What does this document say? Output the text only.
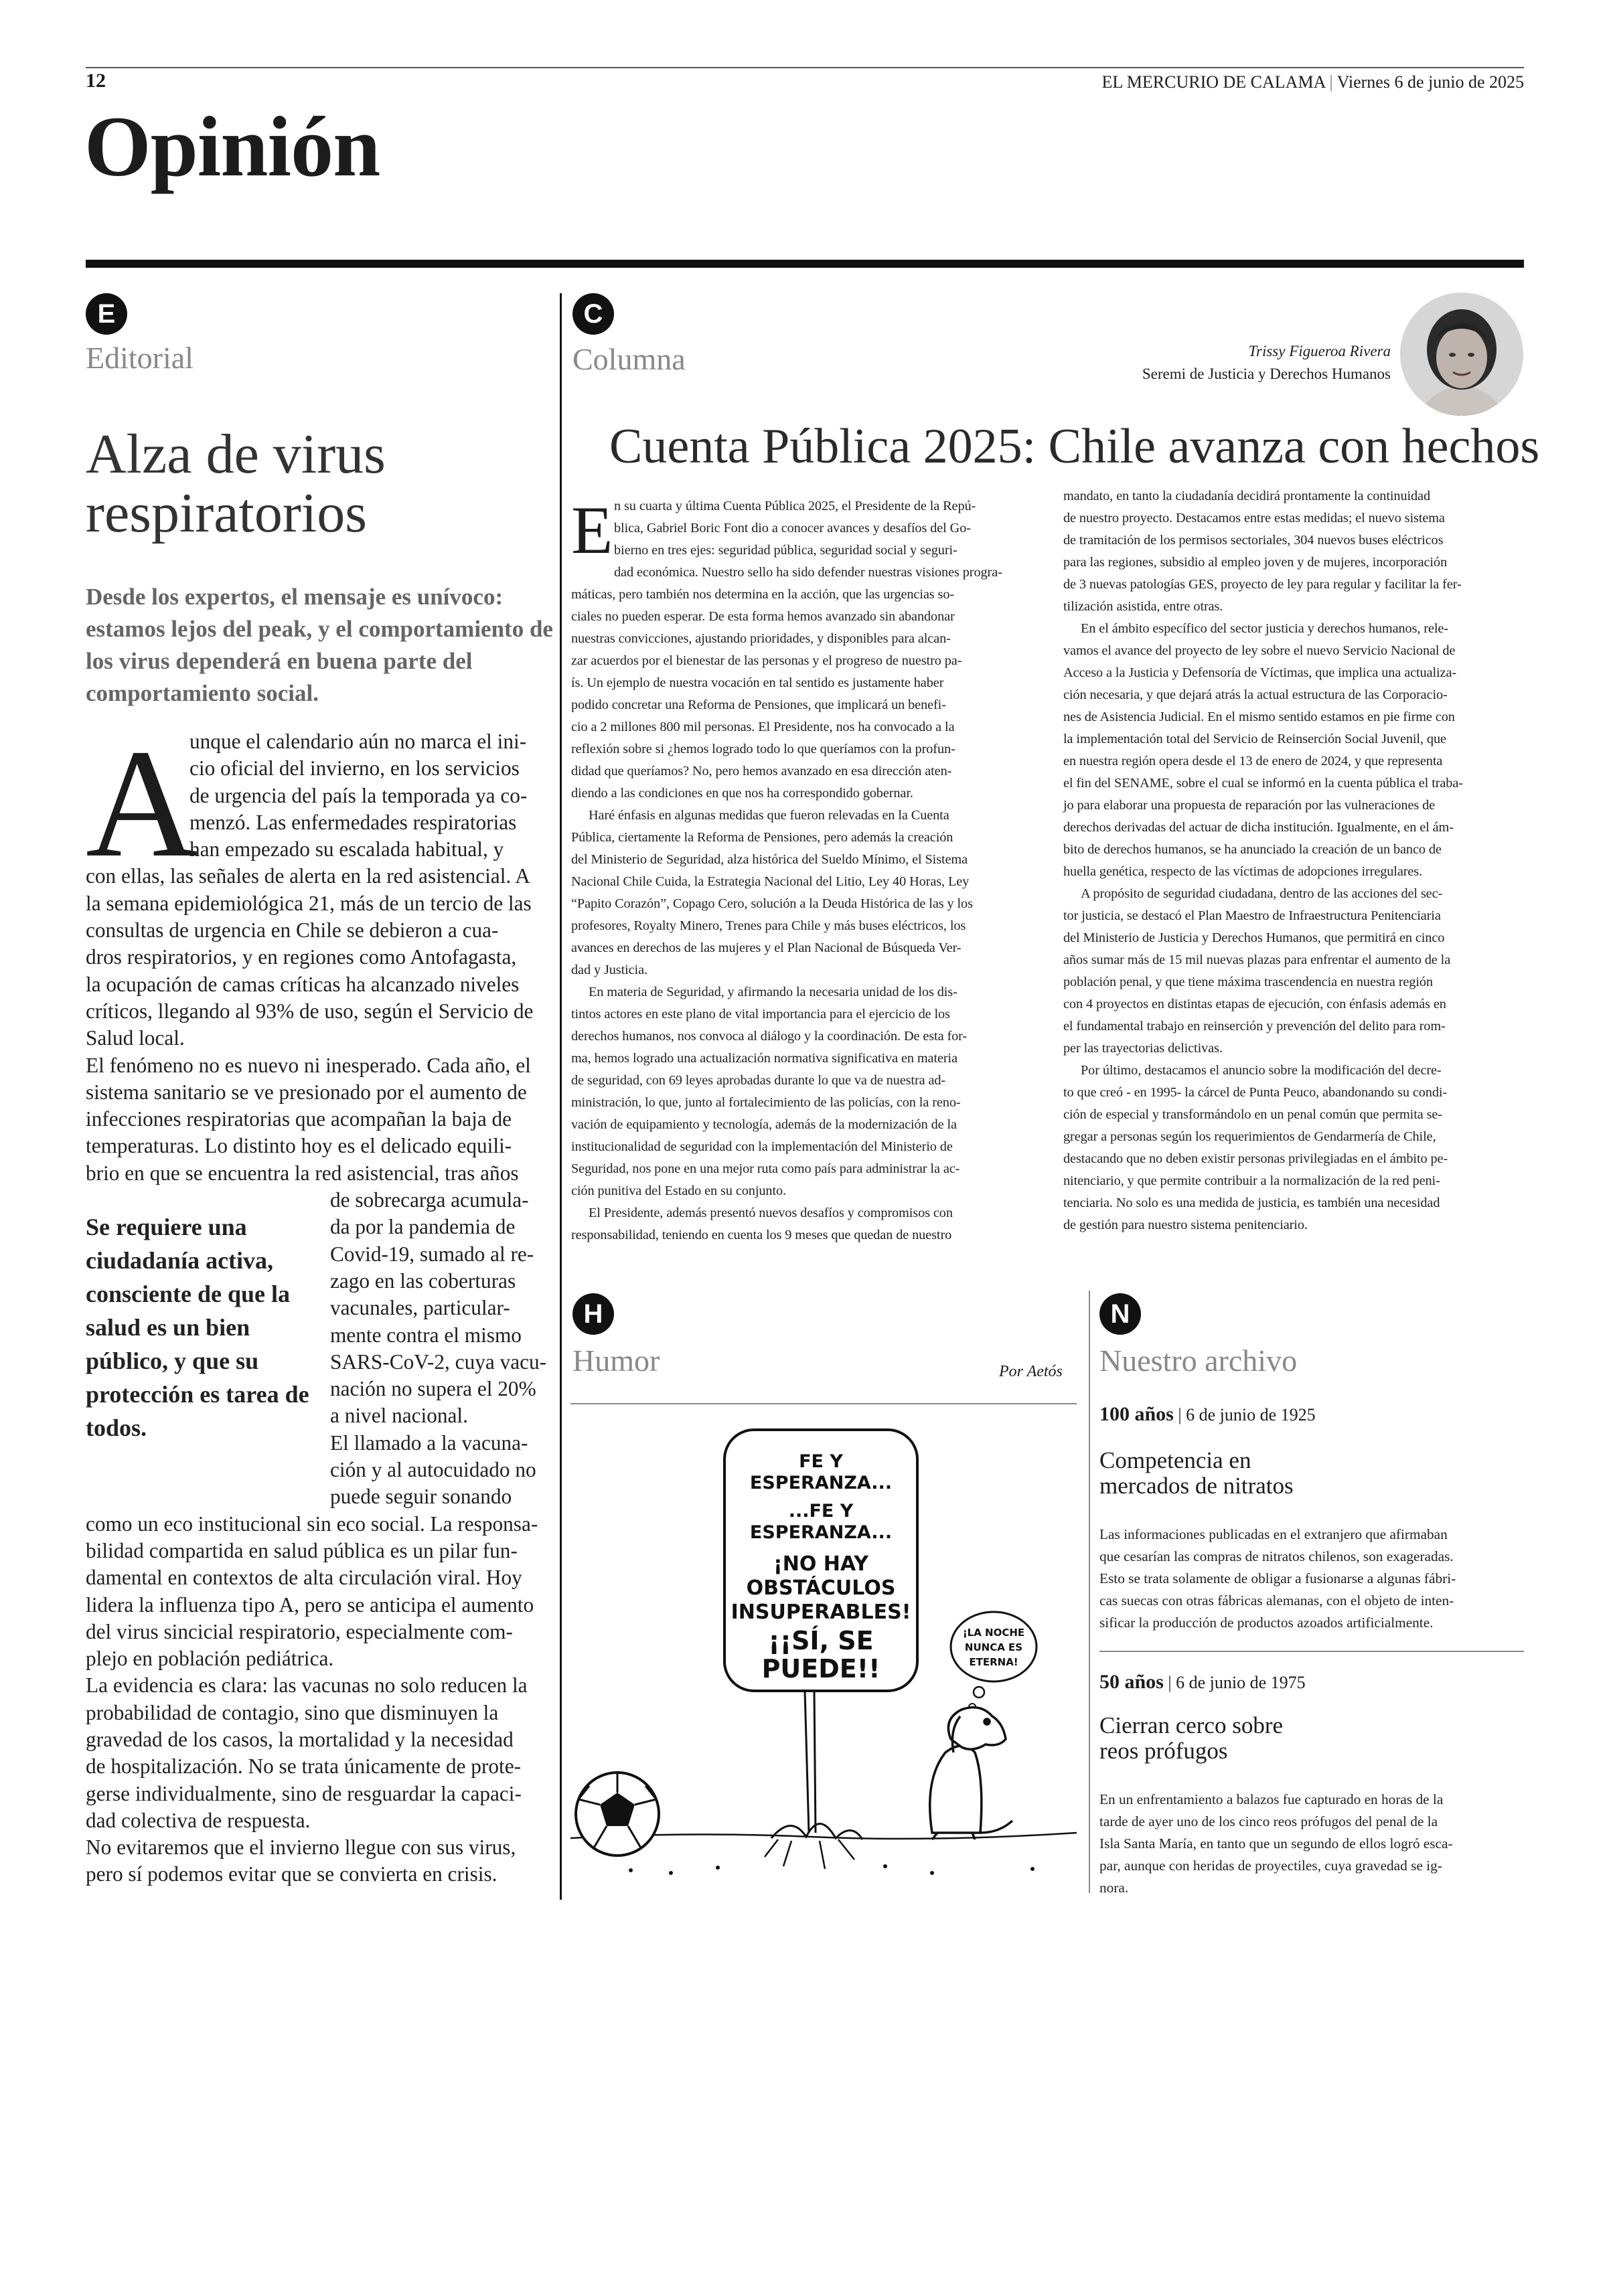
12	EL MERCURIO DE CALAMA | Viernes 6 de junio de 2025
Opinión
E
Editorial
Alza de virus
respiratorios
Desde los expertos, el mensaje es unívoco: estamos lejos del peak, y el comportamiento de los virus dependerá en buena parte del comportamiento social.
A
Se requiere una ciudadanía activa, consciente de que la salud es un bien público, y que su protección es tarea de todos.

unque el calendario aún no marca el ini-

cio oficial del invierno, en los servicios

de urgencia del país la temporada ya co-

menzó. Las enfermedades respiratorias

han empezado su escalada habitual, y

con ellas, las señales de alerta en la red asistencial. A

la semana epidemiológica 21, más de un tercio de las

consultas de urgencia en Chile se debieron a cua-

dros respiratorios, y en regiones como Antofagasta,

la ocupación de camas críticas ha alcanzado niveles

críticos, llegando al 93% de uso, según el Servicio de

Salud local.

El fenómeno no es nuevo ni inesperado. Cada año, el

sistema sanitario se ve presionado por el aumento de

infecciones respiratorias que acompañan la baja de

temperaturas. Lo distinto hoy es el delicado equili-

brio en que se encuentra la red asistencial, tras años

de sobrecarga acumula-

da por la pandemia de

Covid-19, sumado al re-

zago en las coberturas

vacunales, particular-

mente contra el mismo

SARS-CoV-2, cuya vacu-

nación no supera el 20%

a nivel nacional.

El llamado a la vacuna-

ción y al autocuidado no

puede seguir sonando

como un eco institucional sin eco social. La responsa-

bilidad compartida en salud pública es un pilar fun-

damental en contextos de alta circulación viral. Hoy

lidera la influenza tipo A, pero se anticipa el aumento

del virus sincicial respiratorio, especialmente com-

plejo en población pediátrica.

La evidencia es clara: las vacunas no solo reducen la

probabilidad de contagio, sino que disminuyen la

gravedad de los casos, la mortalidad y la necesidad

de hospitalización. No se trata únicamente de prote-

gerse individualmente, sino de resguardar la capaci-

dad colectiva de respuesta.

No evitaremos que el invierno llegue con sus virus,

pero sí podemos evitar que se convierta en crisis.

C
Columna	Trissy Figueroa Rivera
Seremi de Justicia y Derechos Humanos
Cuenta Pública 2025: Chile avanza con hechos
E n su cuarta y última Cuenta Pública 2025, el Presidente de la Repú-

blica, Gabriel Boric Font dio a conocer avances y desafíos del Go-

bierno en tres ejes: seguridad pública, seguridad social y seguri-

dad económica. Nuestro sello ha sido defender nuestras visiones progra-

máticas, pero también nos determina en la acción, que las urgencias so-

ciales no pueden esperar. De esta forma hemos avanzado sin abandonar

nuestras convicciones, ajustando prioridades, y disponibles para alcan-

zar acuerdos por el bienestar de las personas y el progreso de nuestro pa-

ís. Un ejemplo de nuestra vocación en tal sentido es justamente haber

podido concretar una Reforma de Pensiones, que implicará un benefi-

cio a 2 millones 800 mil personas. El Presidente, nos ha convocado a la

reflexión sobre si ¿hemos logrado todo lo que queríamos con la profun-

didad que queríamos? No, pero hemos avanzado en esa dirección aten-

diendo a las condiciones en que nos ha correspondido gobernar.

Haré énfasis en algunas medidas que fueron relevadas en la Cuenta

Pública, ciertamente la Reforma de Pensiones, pero además la creación

del Ministerio de Seguridad, alza histórica del Sueldo Mínimo, el Sistema

Nacional Chile Cuida, la Estrategia Nacional del Litio, Ley 40 Horas, Ley

“Papito Corazón”, Copago Cero, solución a la Deuda Histórica de las y los

profesores, Royalty Minero, Trenes para Chile y más buses eléctricos, los

avances en derechos de las mujeres y el Plan Nacional de Búsqueda Ver-

dad y Justicia.

En materia de Seguridad, y afirmando la necesaria unidad de los dis-

tintos actores en este plano de vital importancia para el ejercicio de los

derechos humanos, nos convoca al diálogo y la coordinación. De esta for-

ma, hemos logrado una actualización normativa significativa en materia

de seguridad, con 69 leyes aprobadas durante lo que va de nuestra ad-

ministración, lo que, junto al fortalecimiento de las policías, con la reno-

vación de equipamiento y tecnología, además de la modernización de la

institucionalidad de seguridad con la implementación del Ministerio de

Seguridad, nos pone en una mejor ruta como país para administrar la ac-

ción punitiva del Estado en su conjunto.

El Presidente, además presentó nuevos desafíos y compromisos con

responsabilidad, teniendo en cuenta los 9 meses que quedan de nuestro

mandato, en tanto la ciudadanía decidirá prontamente la continuidad

de nuestro proyecto. Destacamos entre estas medidas; el nuevo sistema

de tramitación de los permisos sectoriales, 304 nuevos buses eléctricos

para las regiones, subsidio al empleo joven y de mujeres, incorporación

de 3 nuevas patologías GES, proyecto de ley para regular y facilitar la fer-

tilización asistida, entre otras.

En el ámbito específico del sector justicia y derechos humanos, rele-

vamos el avance del proyecto de ley sobre el nuevo Servicio Nacional de

Acceso a la Justicia y Defensoría de Víctimas, que implica una actualiza-

ción necesaria, y que dejará atrás la actual estructura de las Corporacio-

nes de Asistencia Judicial. En el mismo sentido estamos en pie firme con

la implementación total del Servicio de Reinserción Social Juvenil, que

en nuestra región opera desde el 13 de enero de 2024, y que representa

el fin del SENAME, sobre el cual se informó en la cuenta pública el traba-

jo para elaborar una propuesta de reparación por las vulneraciones de

derechos derivadas del actuar de dicha institución. Igualmente, en el ám-

bito de derechos humanos, se ha anunciado la creación de un banco de

huella genética, respecto de las víctimas de adopciones irregulares.

A propósito de seguridad ciudadana, dentro de las acciones del sec-

tor justicia, se destacó el Plan Maestro de Infraestructura Penitenciaria

del Ministerio de Justicia y Derechos Humanos, que permitirá en cinco

años sumar más de 15 mil nuevas plazas para enfrentar el aumento de la

población penal, y que tiene máxima trascendencia en nuestra región

con 4 proyectos en distintas etapas de ejecución, con énfasis además en

el fundamental trabajo en reinserción y prevención del delito para rom-

per las trayectorias delictivas.

Por último, destacamos el anuncio sobre la modificación del decre-

to que creó - en 1995- la cárcel de Punta Peuco, abandonando su condi-

ción de especial y transformándolo en un penal común que permita se-

gregar a personas según los requerimientos de Gendarmería de Chile,

destacando que no deben existir personas privilegiadas en el ámbito pe-

nitenciario, y que permite contribuir a la normalización de la red peni-

tenciaria. No solo es una medida de justicia, es también una necesidad

de gestión para nuestro sistema penitenciario.

H
Humor	Por Aetós
FE Y
ESPERANZA...
...FE Y
ESPERANZA...
¡NO HAY
OBSTÁCULOS
INSUPERABLES!
¡¡SÍ, SE
PUEDE!!
¡LA NOCHE
NUNCA ES
ETERNA!
N
Nuestro archivo
100 años | 6 de junio de 1925
Competencia en
mercados de nitratos

Las informaciones publicadas en el extranjero que afirmaban

que cesarían las compras de nitratos chilenos, son exageradas.

Esto se trata solamente de obligar a fusionarse a algunas fábri-

cas suecas con otras fábricas alemanas, con el objeto de inten-

sificar la producción de productos azoados artificialmente.

50 años | 6 de junio de 1975
Cierran cerco sobre
reos prófugos

En un enfrentamiento a balazos fue capturado en horas de la

tarde de ayer uno de los cinco reos prófugos del penal de la

Isla Santa María, en tanto que un segundo de ellos logró esca-

par, aunque con heridas de proyectiles, cuya gravedad se ig-

nora.
